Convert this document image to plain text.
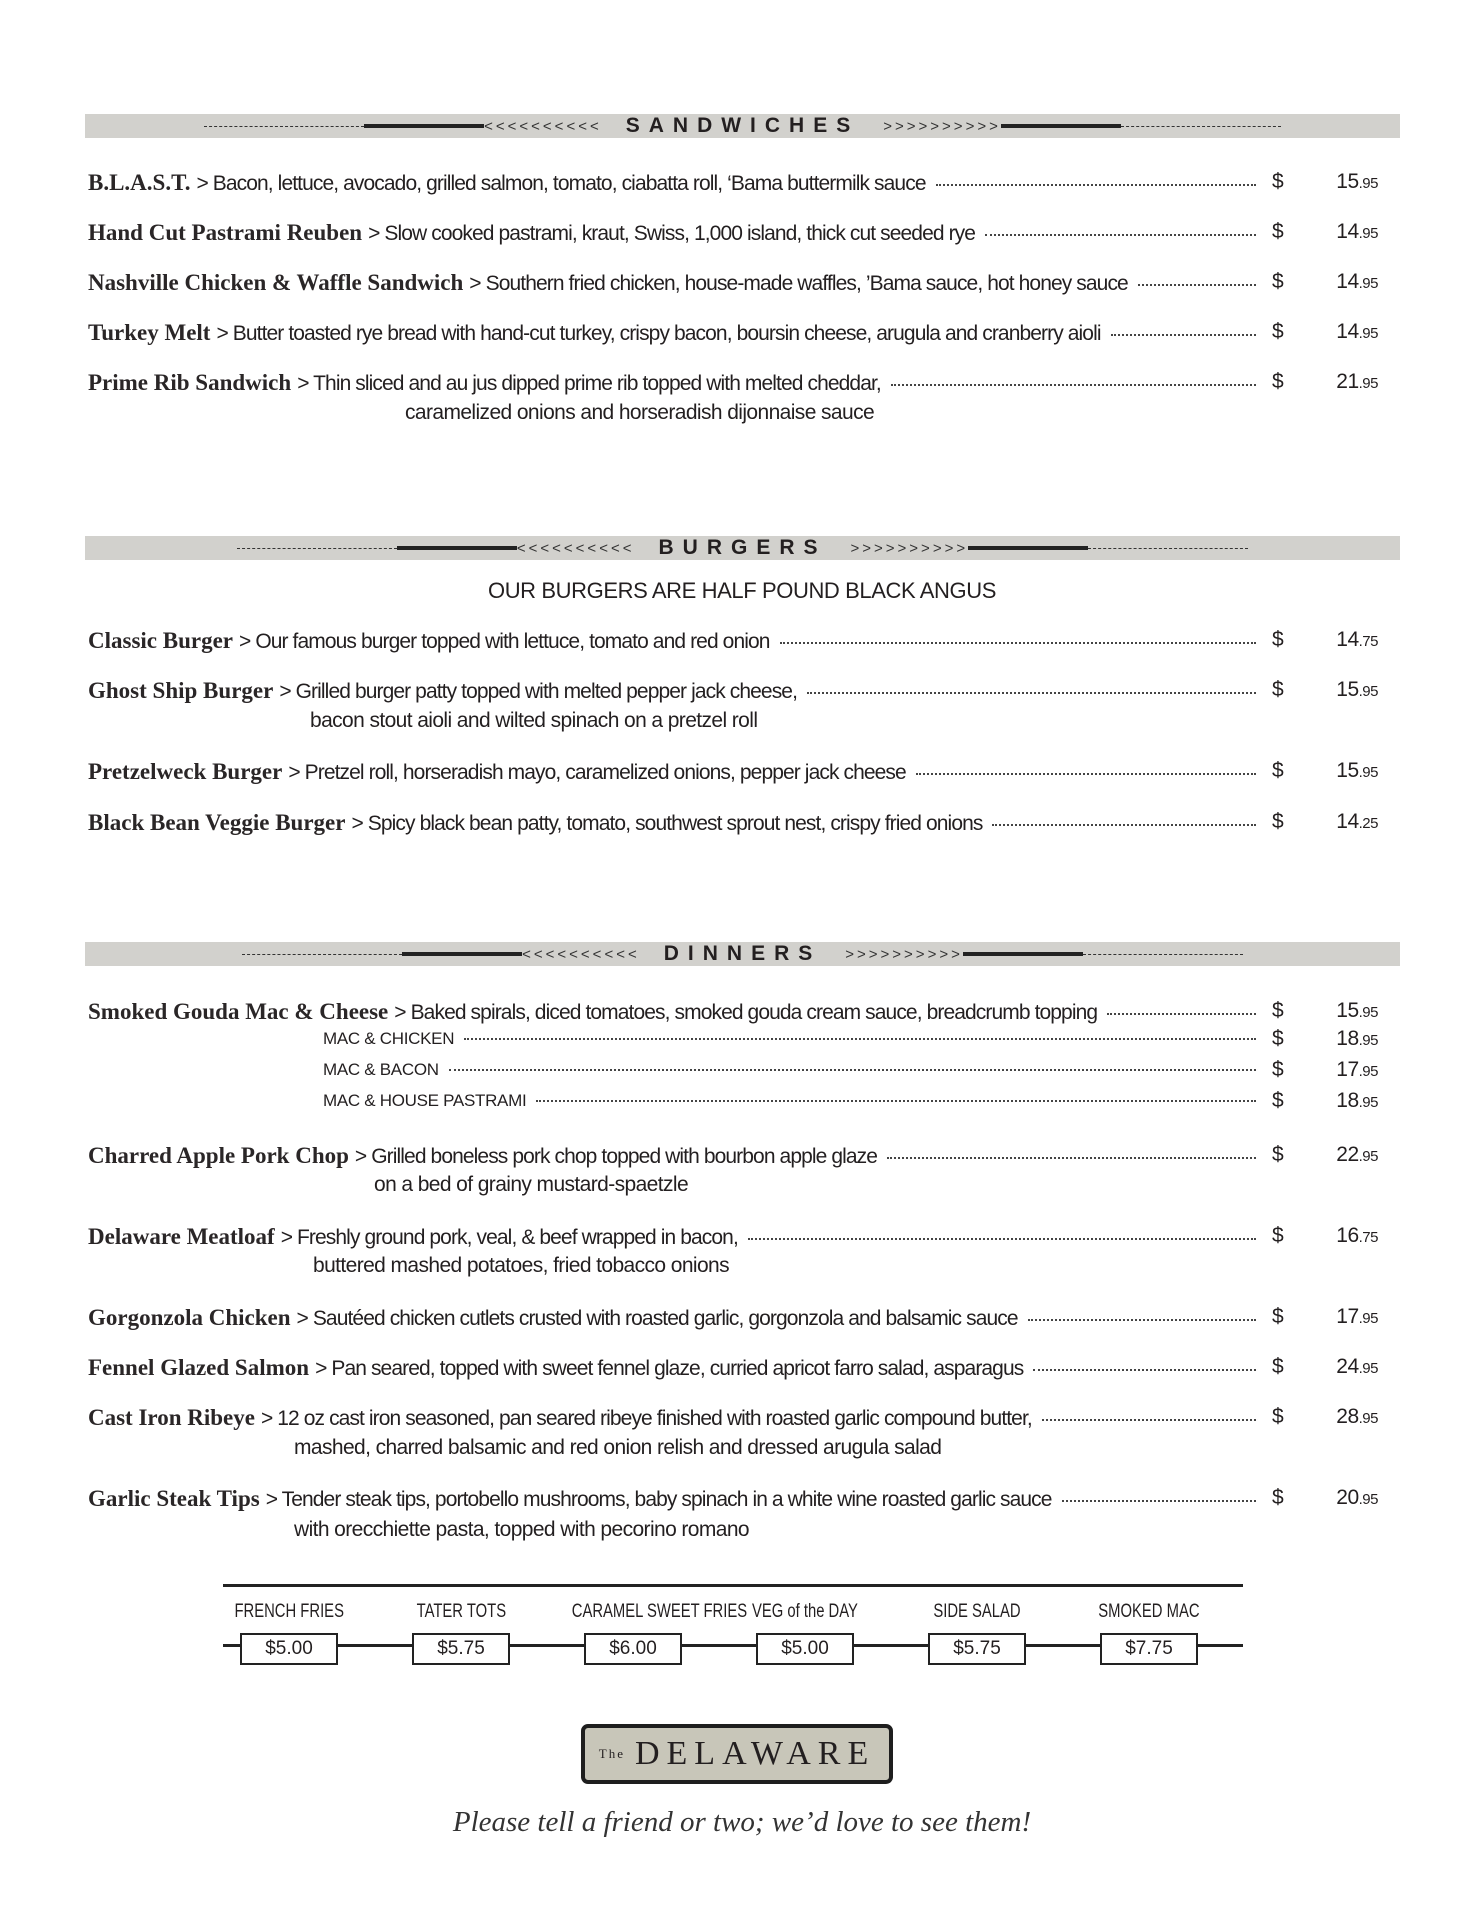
<<<<<<<<<< SANDWICHES >>>>>>>>>>
<<<<<<<<<< BURGERS >>>>>>>>>>
<<<<<<<<<< DINNERS >>>>>>>>>>
OUR BURGERS ARE HALF POUND BLACK ANGUS
B.L.A.S.T. > Bacon, lettuce, avocado, grilled salmon, tomato, ciabatta roll, ‘Bama buttermilk sauce	$	15.95
Hand Cut Pastrami Reuben > Slow cooked pastrami, kraut, Swiss, 1,000 island, thick cut seeded rye	$	14.95
Nashville Chicken & Waffle Sandwich > Southern fried chicken, house-made waffles, ’Bama sauce, hot honey sauce	$	14.95
Turkey Melt > Butter toasted rye bread with hand-cut turkey, crispy bacon, boursin cheese, arugula and cranberry aioli	$	14.95
Prime Rib Sandwich > Thin sliced and au jus dipped prime rib topped with melted cheddar,	$	21.95
caramelized onions and horseradish dijonnaise sauce
Classic Burger > Our famous burger topped with lettuce, tomato and red onion	$	14.75
Ghost Ship Burger > Grilled burger patty topped with melted pepper jack cheese,	$	15.95
bacon stout aioli and wilted spinach on a pretzel roll
Pretzelweck Burger > Pretzel roll, horseradish mayo, caramelized onions, pepper jack cheese	$	15.95
Black Bean Veggie Burger > Spicy black bean patty, tomato, southwest sprout nest, crispy fried onions	$	14.25
Smoked Gouda Mac & Cheese > Baked spirals, diced tomatoes, smoked gouda cream sauce, breadcrumb topping	$	15.95
MAC & CHICKEN	$	18.95
MAC & BACON	$	17.95
MAC & HOUSE PASTRAMI	$	18.95
Charred Apple Pork Chop > Grilled boneless pork chop topped with bourbon apple glaze	$	22.95
on a bed of grainy mustard-spaetzle
Delaware Meatloaf > Freshly ground pork, veal, & beef wrapped in bacon,	$	16.75
buttered mashed potatoes, fried tobacco onions
Gorgonzola Chicken > Sautéed chicken cutlets crusted with roasted garlic, gorgonzola and balsamic sauce	$	17.95
Fennel Glazed Salmon > Pan seared, topped with sweet fennel glaze, curried apricot farro salad, asparagus	$	24.95
Cast Iron Ribeye > 12 oz cast iron seasoned, pan seared ribeye finished with roasted garlic compound butter,	$	28.95
mashed, charred balsamic and red onion relish and dressed arugula salad
Garlic Steak Tips > Tender steak tips, portobello mushrooms, baby spinach in a white wine roasted garlic sauce	$	20.95
with orecchiette pasta, topped with pecorino romano
FRENCH FRIES
$5.00
TATER TOTS
$5.75
CARAMEL SWEET FRIES
$6.00
VEG of the DAY
$5.00
SIDE SALAD
$5.75
SMOKED MAC
$7.75
The DELAWARE
Please tell a friend or two; we’d love to see them!
